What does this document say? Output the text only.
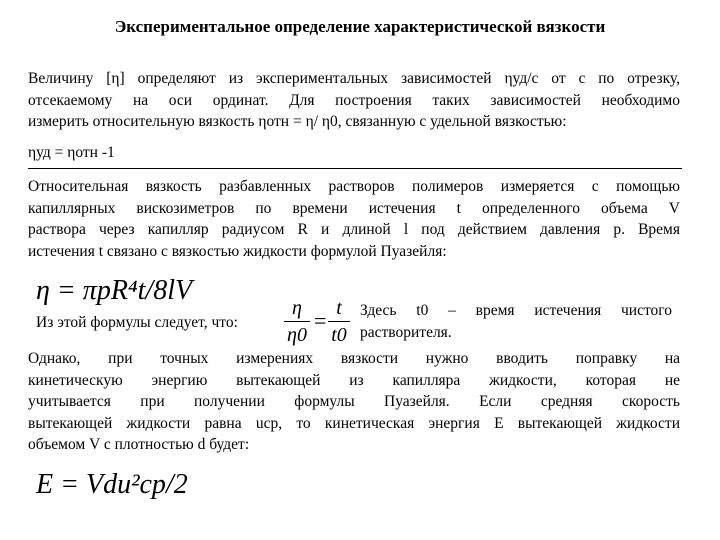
Экспериментальное определение характеристической вязкости
Величину [η] определяют из экспериментальных зависимостей ηуд/с от с по отрезку,
отсекаемому на оси ординат. Для построения таких зависимостей необходимо
измерить относительную вязкость ηотн = η/ η0, связанную с удельной вязкостью:
ηуд = ηотн -1
Относительная вязкость разбавленных растворов полимеров измеряется с помощью
капиллярных вискозиметров по времени истечения t определенного объема V
раствора через капилляр радиусом R и длиной l под действием давления p. Время
истечения t связано с вязкостью жидкости формулой Пуазейля:
η = πpR⁴t/8lV
Из этой формулы следует, что:
η
η0
= t
t0
Здесь t0 – время истечения чистого
растворителя.
Однако, при точных измерениях вязкости нужно вводить поправку на
кинетическую энергию вытекающей из капилляра жидкости, которая не
учитывается при получении формулы Пуазейля. Если средняя скорость
вытекающей жидкости равна uср, то кинетическая энергия E вытекающей жидкости
объемом V с плотностью d будет:
E = Vdu²ср/2
